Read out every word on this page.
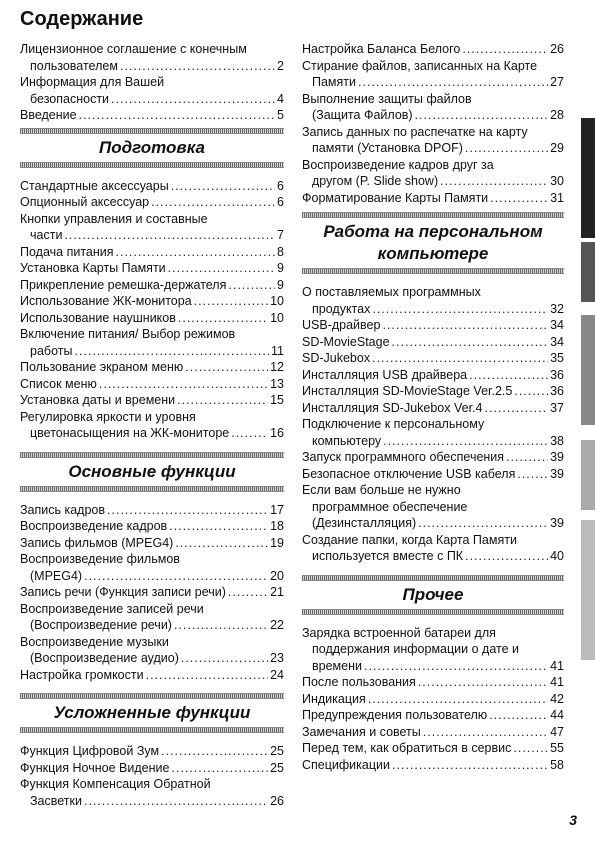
Содержание
Лицензионное соглашение с конечным
пользователем .....	2
Информация для Вашей
безопасности .....	4
Введение .....	5
Подготовка
Стандартные аксессуары .....	6
Опционный аксессуар .....	6
Кнопки управления и составные
части .....	7
Подача питания .....	8
Установка Карты Памяти .....	9
Прикрепление ремешка-держателя .....	9
Использование ЖК-монитора .....	10
Использование наушников .....	10
Включение питания/ Выбор режимов
работы .....	11
Пользование экраном меню .....	12
Список меню .....	13
Установка даты и времени .....	15
Регулировка яркости и уровня
цветонасыщения на ЖК-мониторе .....	16
Основные функции
Запись кадров .....	17
Воспроизведение кадров .....	18
Запись фильмов (MPEG4) .....	19
Воспроизведение фильмов
(MPEG4) .....	20
Запись речи (Функция записи речи) .....	21
Воспроизведение записей речи
(Воспроизведение речи) .....	22
Воспроизведение музыки
(Воспроизведение аудио) .....	23
Настройка громкости .....	24
Усложненные функции
Функция Цифровой Зум .....	25
Функция Ночное Видение .....	25
Функция Компенсация Обратной
Засветки .....	26
Настройка Баланса Белого .....	26
Стирание файлов, записанных на Карте
Памяти .....	27
Выполнение защиты файлов
(Защита Файлов) .....	28
Запись данных по распечатке на карту
памяти (Установка DPOF) .....	29
Воспроизведение кадров друг за
другом (P. Slide show) .....	30
Форматирование Карты Памяти .....	31
Работа на персональном
компьютере
О поставляемых программных
продуктах .....	32
USB-драйвер .....	34
SD-MovieStage .....	34
SD-Jukebox .....	35
Инсталляция USB драйвера .....	36
Инсталляция SD-MovieStage Ver.2.5 .....	36
Инсталляция SD-Jukebox Ver.4 .....	37
Подключение к персональному
компьютеру .....	38
Запуск программного обеспечения .....	39
Безопасное отключение USB кабеля .....	39
Если вам больше не нужно
программное обеспечение
(Дезинсталляция) .....	39
Создание папки, когда Карта Памяти
используется вместе с ПК .....	40
Прочее
Зарядка встроенной батареи для
поддержания информации о дате и
времени .....	41
После пользования .....	41
Индикация .....	42
Предупреждения пользователю .....	44
Замечания и советы .....	47
Перед тем, как обратиться в сервис .....	55
Спецификации .....	58
3
